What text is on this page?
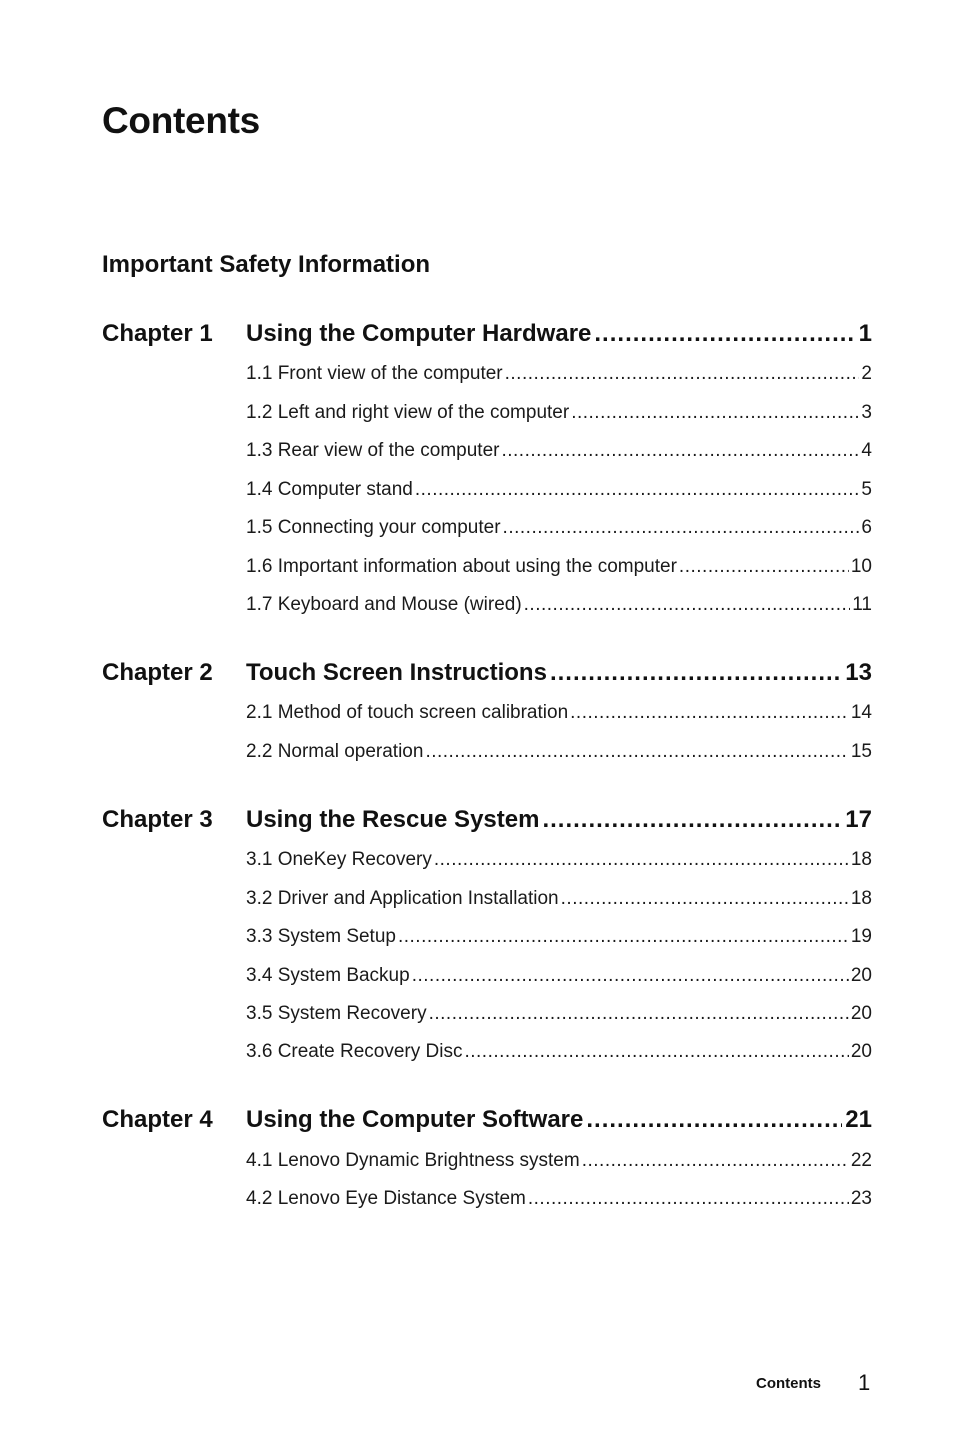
Contents
Important Safety Information
Chapter 1 Using the Computer Hardware .....	1
1.1 Front view of the computer .....	2
1.2 Left and right view of the computer .....	3
1.3 Rear view of the computer .....	4
1.4 Computer stand .....	5
1.5 Connecting your computer .....	6
1.6 Important information about using the computer .....	10
1.7 Keyboard and Mouse (wired) .....	11
Chapter 2 Touch Screen Instructions .....	13
2.1 Method of touch screen calibration .....	14
2.2 Normal operation .....	15
Chapter 3 Using the Rescue System .....	17
3.1 OneKey Recovery .....	18
3.2 Driver and Application Installation .....	18
3.3 System Setup .....	19
3.4 System Backup .....	20
3.5 System Recovery .....	20
3.6 Create Recovery Disc .....	20
Chapter 4 Using the Computer Software .....	21
4.1 Lenovo Dynamic Brightness system .....	22
4.2 Lenovo Eye Distance System .....	23
Contents 1
